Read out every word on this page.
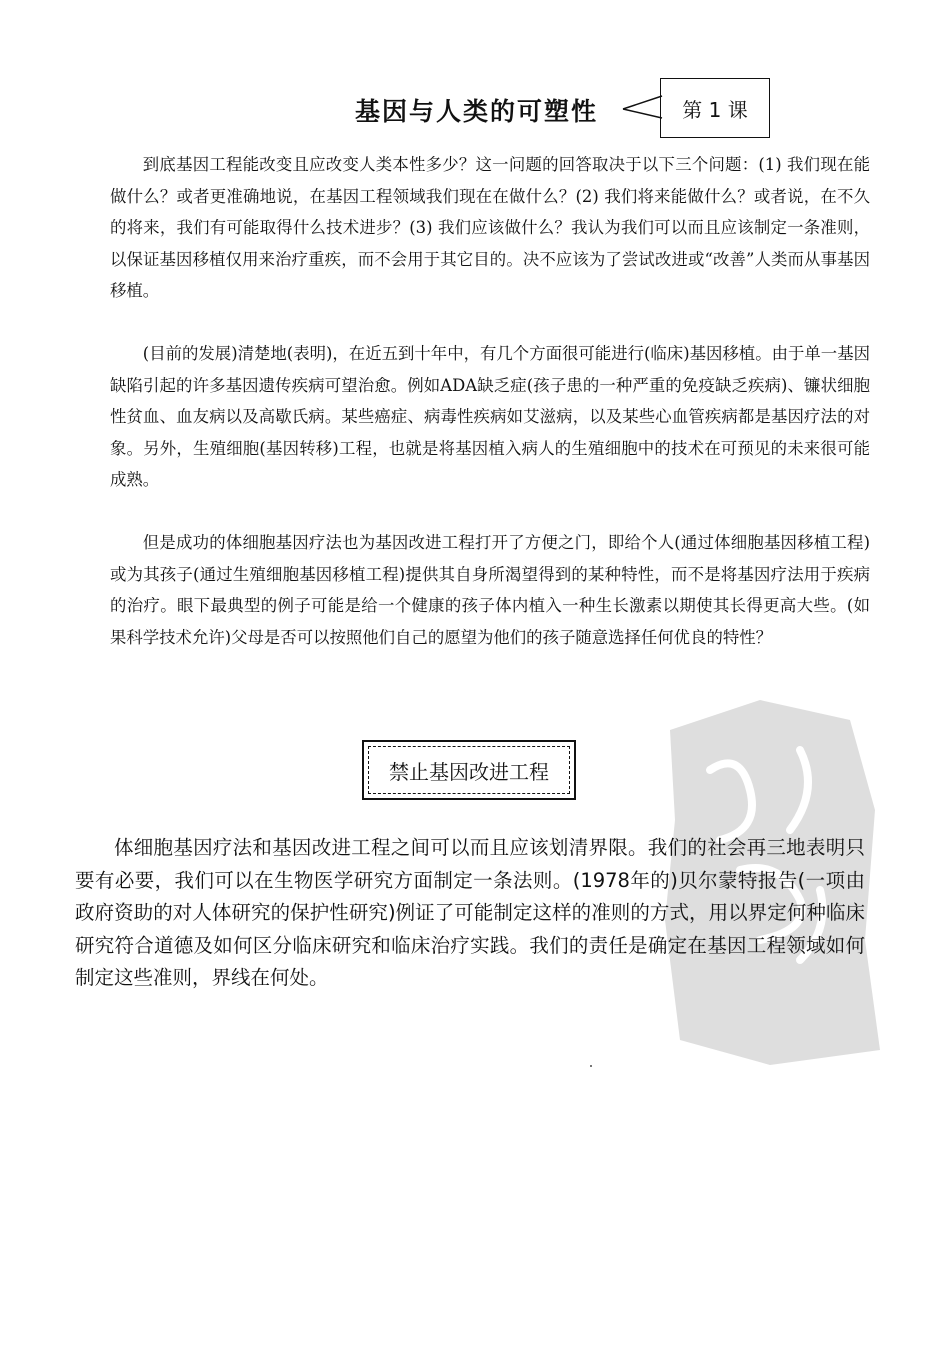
基因与人类的可塑性	第 1 课

到底基因工程能改变且应改变人类本性多少？这一问题的回答取决于以下三个问题：(1) 我们现在能做什么？或者更准确地说，在基因工程领域我们现在在做什么？(2) 我们将来能做什么？或者说，在不久的将来，我们有可能取得什么技术进步？(3) 我们应该做什么？我认为我们可以而且应该制定一条准则，以保证基因移植仅用来治疗重疾，而不会用于其它目的。决不应该为了尝试改进或“改善”人类而从事基因移植。

(目前的发展)清楚地(表明)，在近五到十年中，有几个方面很可能进行(临床)基因移植。由于单一基因缺陷引起的许多基因遗传疾病可望治愈。例如ADA缺乏症(孩子患的一种严重的免疫缺乏疾病)、镰状细胞性贫血、血友病以及高歇氏病。某些癌症、病毒性疾病如艾滋病，以及某些心血管疾病都是基因疗法的对象。另外，生殖细胞(基因转移)工程，也就是将基因植入病人的生殖细胞中的技术在可预见的未来很可能成熟。

但是成功的体细胞基因疗法也为基因改进工程打开了方便之门，即给个人(通过体细胞基因移植工程)或为其孩子(通过生殖细胞基因移植工程)提供其自身所渴望得到的某种特性，而不是将基因疗法用于疾病的治疗。眼下最典型的例子可能是给一个健康的孩子体内植入一种生长激素以期使其长得更高大些。(如果科学技术允许)父母是否可以按照他们自己的愿望为他们的孩子随意选择任何优良的特性？

禁止基因改进工程

体细胞基因疗法和基因改进工程之间可以而且应该划清界限。我们的社会再三地表明只要有必要，我们可以在生物医学研究方面制定一条法则。(1978年的)贝尔蒙特报告(一项由政府资助的对人体研究的保护性研究)例证了可能制定这样的准则的方式，用以界定何种临床研究符合道德及如何区分临床研究和临床治疗实践。我们的责任是确定在基因工程领域如何制定这些准则，界线在何处。
